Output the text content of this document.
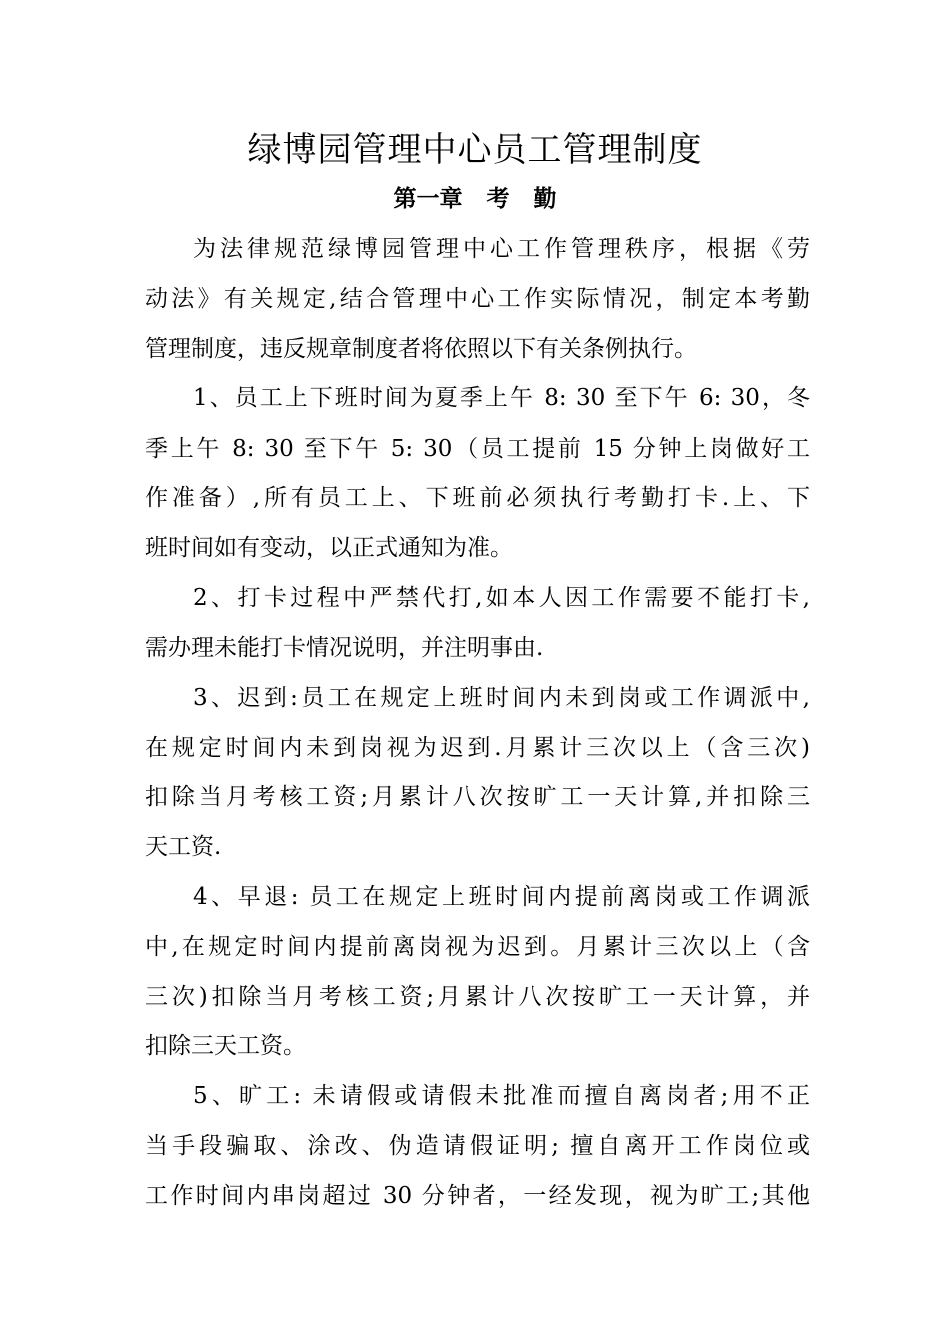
绿博园管理中心员工管理制度
第一章   考   勤
为法律规范绿博园管理中心工作管理秩序，根据《劳
动法》有关规定,结合管理中心工作实际情况，制定本考勤
管理制度，违反规章制度者将依照以下有关条例执行。
1、员工上下班时间为夏季上午 8: 30 至下午 6: 30，冬
季上午 8: 30 至下午 5: 30（员工提前 15 分钟上岗做好工
作准备）,所有员工上、下班前必须执行考勤打卡.上、下
班时间如有变动，以正式通知为准。
2、打卡过程中严禁代打,如本人因工作需要不能打卡,
需办理未能打卡情况说明，并注明事由.
3、迟到:员工在规定上班时间内未到岗或工作调派中,
在规定时间内未到岗视为迟到.月累计三次以上（含三次)
扣除当月考核工资;月累计八次按旷工一天计算,并扣除三
天工资.
4、早退: 员工在规定上班时间内提前离岗或工作调派
中,在规定时间内提前离岗视为迟到。月累计三次以上（含
三次)扣除当月考核工资;月累计八次按旷工一天计算，并
扣除三天工资。
5、旷工: 未请假或请假未批准而擅自离岗者;用不正
当手段骗取、涂改、伪造请假证明; 擅自离开工作岗位或
工作时间内串岗超过 30 分钟者，一经发现，视为旷工;其他
